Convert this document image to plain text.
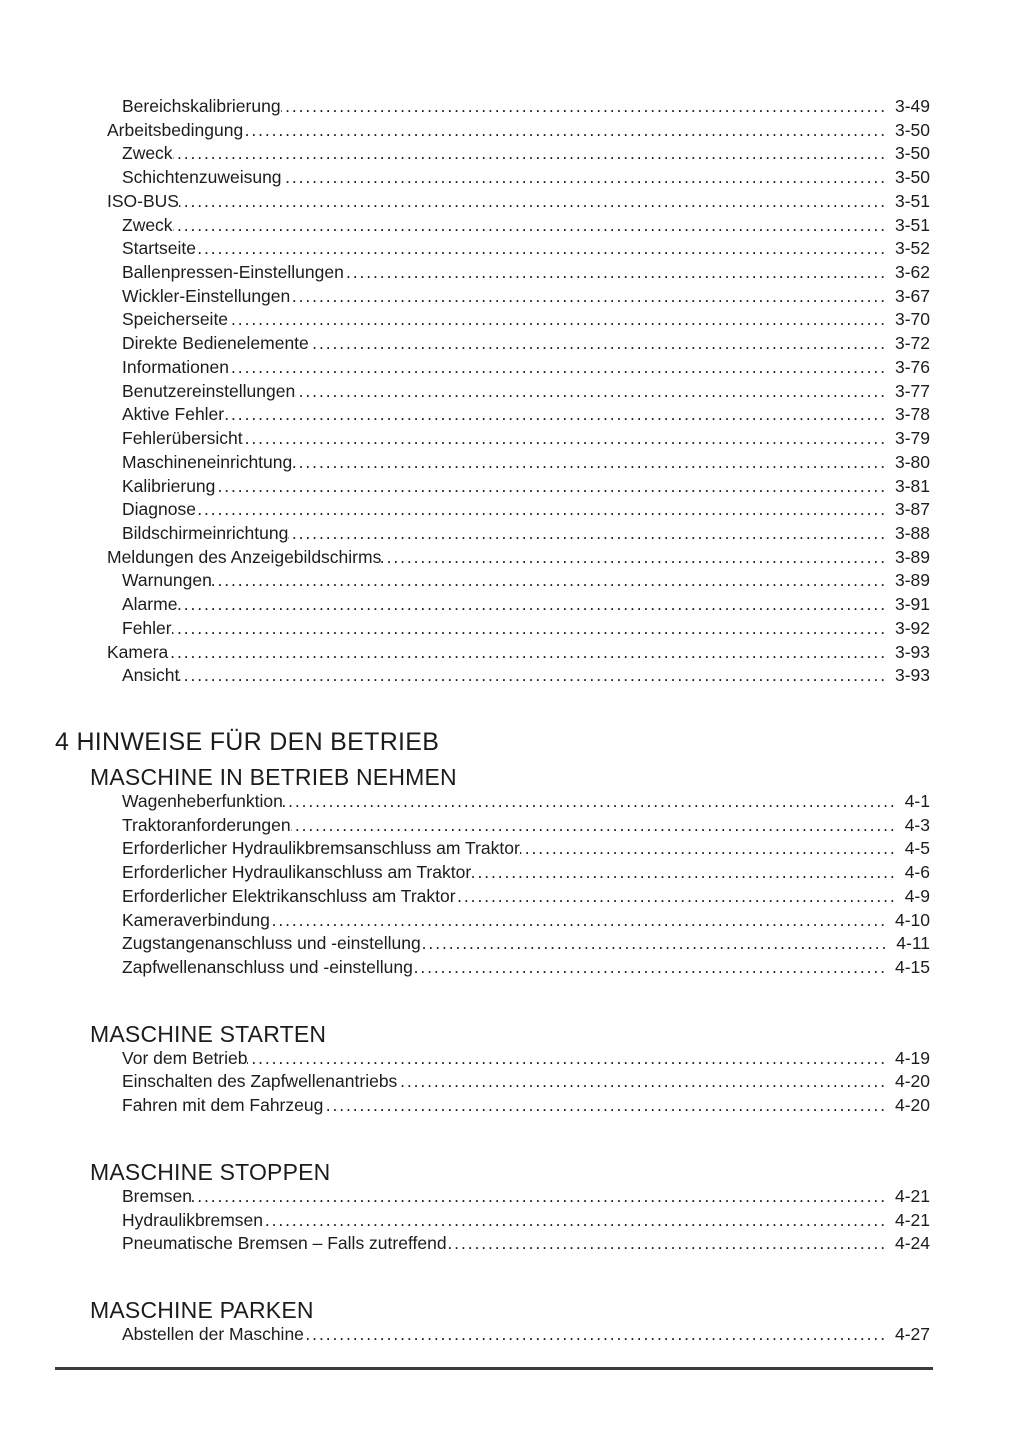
Bereichskalibrierung .....	3-49
Arbeitsbedingung .....	3-50
Zweck .....	3-50
Schichtenzuweisung .....	3-50
ISO-BUS .....	3-51
Zweck .....	3-51
Startseite .....	3-52
Ballenpressen-Einstellungen .....	3-62
Wickler-Einstellungen .....	3-67
Speicherseite .....	3-70
Direkte Bedienelemente .....	3-72
Informationen .....	3-76
Benutzereinstellungen .....	3-77
Aktive Fehler .....	3-78
Fehlerübersicht .....	3-79
Maschineneinrichtung .....	3-80
Kalibrierung .....	3-81
Diagnose .....	3-87
Bildschirmeinrichtung .....	3-88
Meldungen des Anzeigebildschirms .....	3-89
Warnungen .....	3-89
Alarme .....	3-91
Fehler .....	3-92
Kamera .....	3-93
Ansicht .....	3-93
4 HINWEISE FÜR DEN BETRIEB
MASCHINE IN BETRIEB NEHMEN
Wagenheberfunktion .....	4-1
Traktoranforderungen .....	4-3
Erforderlicher Hydraulikbremsanschluss am Traktor .....	4-5
Erforderlicher Hydraulikanschluss am Traktor .....	4-6
Erforderlicher Elektrikanschluss am Traktor .....	4-9
Kameraverbindung .....	4-10
Zugstangenanschluss und -einstellung .....	4-11
Zapfwellenanschluss und -einstellung .....	4-15
MASCHINE STARTEN
Vor dem Betrieb .....	4-19
Einschalten des Zapfwellenantriebs .....	4-20
Fahren mit dem Fahrzeug .....	4-20
MASCHINE STOPPEN
Bremsen .....	4-21
Hydraulikbremsen .....	4-21
Pneumatische Bremsen – Falls zutreffend .....	4-24
MASCHINE PARKEN
Abstellen der Maschine .....	4-27
